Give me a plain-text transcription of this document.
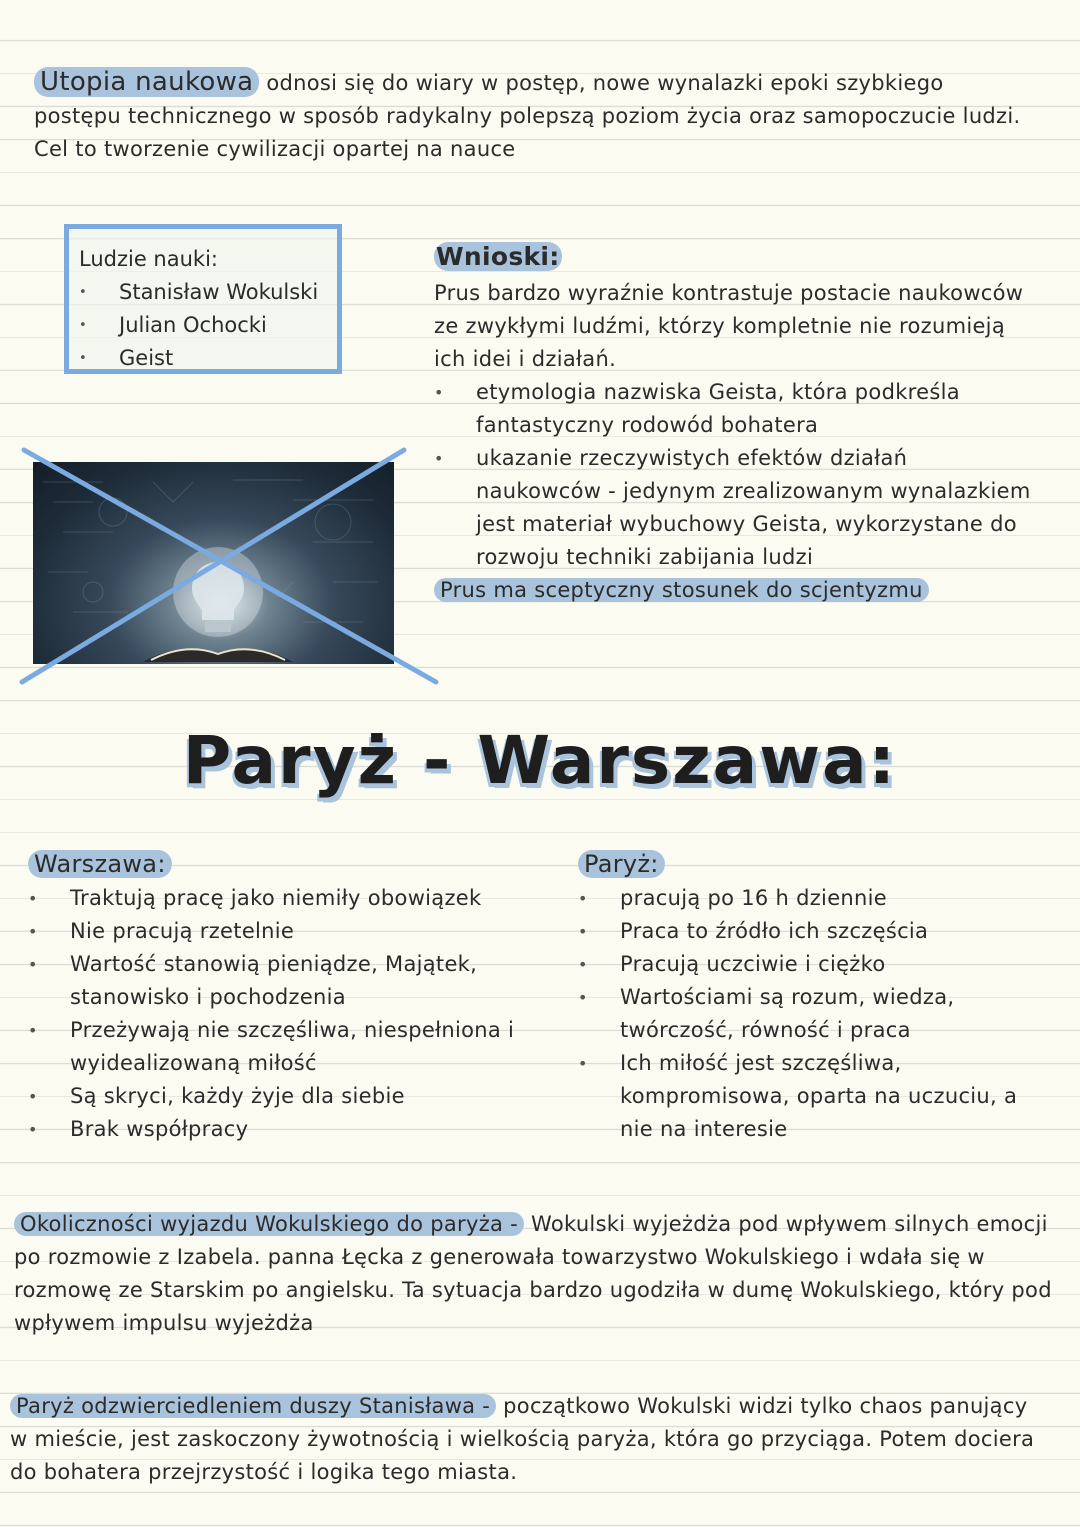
Utopia naukowa odnosi się do wiary w postęp, nowe wynalazki epoki szybkiego postępu technicznego w sposób radykalny polepszą poziom życia oraz samopoczucie ludzi. Cel to tworzenie cywilizacji opartej na nauce
Ludzie nauki:
• Stanisław Wokulski
• Julian Ochocki
• Geist
Wnioski:
Prus bardzo wyraźnie kontrastuje postacie naukowców ze zwykłymi ludźmi, którzy kompletnie nie rozumieją ich idei i działań.
• etymologia nazwiska Geista, która podkreśla fantastyczny rodowód bohatera
• ukazanie rzeczywistych efektów działań naukowców - jedynym zrealizowanym wynalazkiem jest materiał wybuchowy Geista, wykorzystane do rozwoju techniki zabijania ludzi
Prus ma sceptyczny stosunek do scjentyzmu
Paryż - Warszawa:
Warszawa:
• Traktują pracę jako niemiły obowiązek
• Nie pracują rzetelnie
• Wartość stanowią pieniądze, Majątek, stanowisko i pochodzenia
• Przeżywają nie szczęśliwa, niespełniona i wyidealizowaną miłość
• Są skryci, każdy żyje dla siebie
• Brak współpracy
Paryż:
• pracują po 16 h dziennie
• Praca to źródło ich szczęścia
• Pracują uczciwie i ciężko
• Wartościami są rozum, wiedza, twórczość, równość i praca
• Ich miłość jest szczęśliwa, kompromisowa, oparta na uczuciu, a nie na interesie
Okoliczności wyjazdu Wokulskiego do paryża - Wokulski wyjeżdża pod wpływem silnych emocji po rozmowie z Izabela. panna Łęcka z generowała towarzystwo Wokulskiego i wdała się w rozmowę ze Starskim po angielsku. Ta sytuacja bardzo ugodziła w dumę Wokulskiego, który pod wpływem impulsu wyjeżdża
Paryż odzwierciedleniem duszy Stanisława - początkowo Wokulski widzi tylko chaos panujący w mieście, jest zaskoczony żywotnością i wielkością paryża, która go przyciąga. Potem dociera do bohatera przejrzystość i logika tego miasta.
